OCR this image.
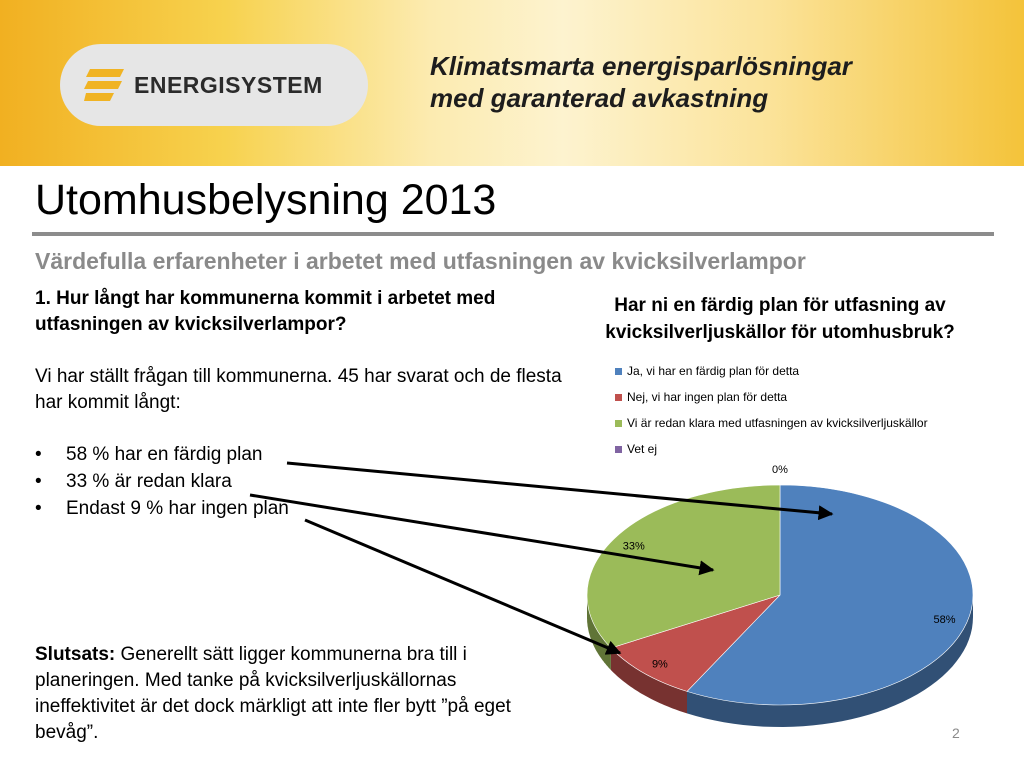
ENERGISYSTEM
Klimatsmarta energisparlösningar
med garanterad avkastning
Utomhusbelysning 2013
Värdefulla erfarenheter i arbetet med utfasningen av kvicksilverlampor
1. Hur långt har kommunerna kommit i arbetet med utfasningen av kvicksilverlampor?
Vi har ställt frågan till kommunerna. 45 har svarat och de flesta har kommit långt:
• 58 % har en färdig plan
• 33 % är redan klara
• Endast 9 % har ingen plan
Slutsats: Generellt sätt ligger kommunerna bra till i planeringen. Med tanke på kvicksilverljuskällornas ineffektivitet är det dock märkligt att inte fler bytt ”på eget bevåg”.
Har ni en färdig plan för utfasning av kvicksilverljuskällor för utomhusbruk?
Ja, vi har en färdig plan för detta
Nej, vi har ingen plan för detta
Vi är redan klara med utfasningen av kvicksilverljuskällor
Vet ej
58%
9%
33%
0%
2
